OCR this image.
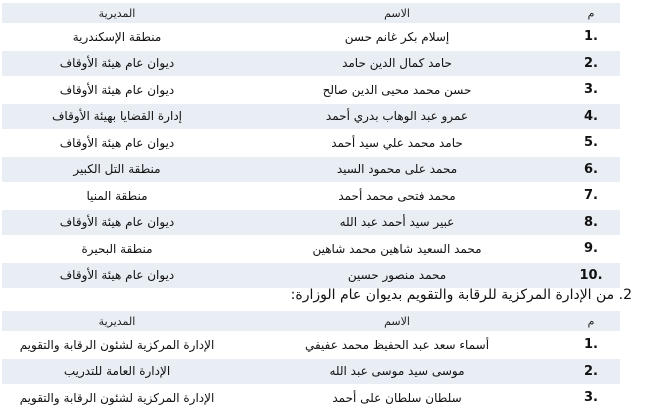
م	الاسم	المديرية
1.	إسلام بكر غانم حسن	منطقة الإسكندرية
2.	حامد كمال الدين حامد	ديوان عام هيئة الأوقاف
3.	حسن محمد محيى الدين صالح	ديوان عام هيئة الأوقاف
4.	عمرو عبد الوهاب بدري أحمد	إدارة القضايا بهيئة الأوقاف
5.	حامد محمد علي سيد أحمد	ديوان عام هيئة الأوقاف
6.	محمد على محمود السيد	منطقة التل الكبير
7.	محمد فتحى محمد أحمد	منطقة المنيا
8.	عبير سيد أحمد عبد الله	ديوان عام هيئة الأوقاف
9.	محمد السعيد شاهين محمد شاهين	منطقة البحيرة
10.	محمد منصور حسين	ديوان عام هيئة الأوقاف
2. من الإدارة المركزية للرقابة والتقويم بديوان عام الوزارة:
م	الاسم	المديرية
1.	أسماء سعد عبد الحفيظ محمد عفيفي	الإدارة المركزية لشئون الرقابة والتقويم
2.	موسى سيد موسى عبد الله	الإدارة العامة للتدريب
3.	سلطان سلطان على أحمد	الإدارة المركزية لشئون الرقابة والتقويم
